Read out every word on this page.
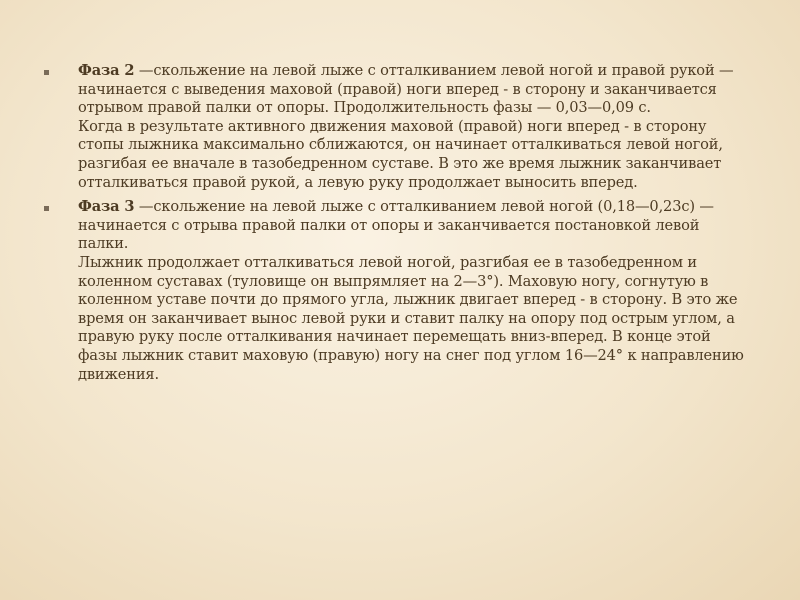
Фаза 2 —скольжение на левой лыже с отталкиванием левой ногой и правой рукой — начинается с выведения маховой (правой) ноги вперед - в сторону и заканчивается отрывом правой палки от опоры. Продолжительность фазы — 0,03—0,09 с.
Когда в результате активного движения маховой (правой) ноги вперед - в сторону стопы лыжника максимально сближаются, он начинает отталкиваться левой ногой, разгибая ее вначале в тазобедренном суставе. В это же время лыжник заканчивает отталкиваться правой рукой, а левую руку продолжает выносить вперед.
Фаза 3 —скольжение на левой лыже с отталкиванием левой ногой (0,18—0,23с) — начинается с отрыва правой палки от опоры и заканчивается постановкой левой палки.
Лыжник продолжает отталкиваться левой ногой, разгибая ее в тазобедренном и коленном суставах (туловище он выпрямляет на 2—3°). Маховую ногу, согнутую в коленном уставе почти до прямого угла, лыжник двигает вперед - в сторону. В это же время он заканчивает вынос левой руки и ставит палку на опору под острым углом, а правую руку после отталкивания начинает перемещать вниз-вперед. В конце этой фазы лыжник ставит маховую (правую) ногу на снег под углом 16—24° к направлению движения.
